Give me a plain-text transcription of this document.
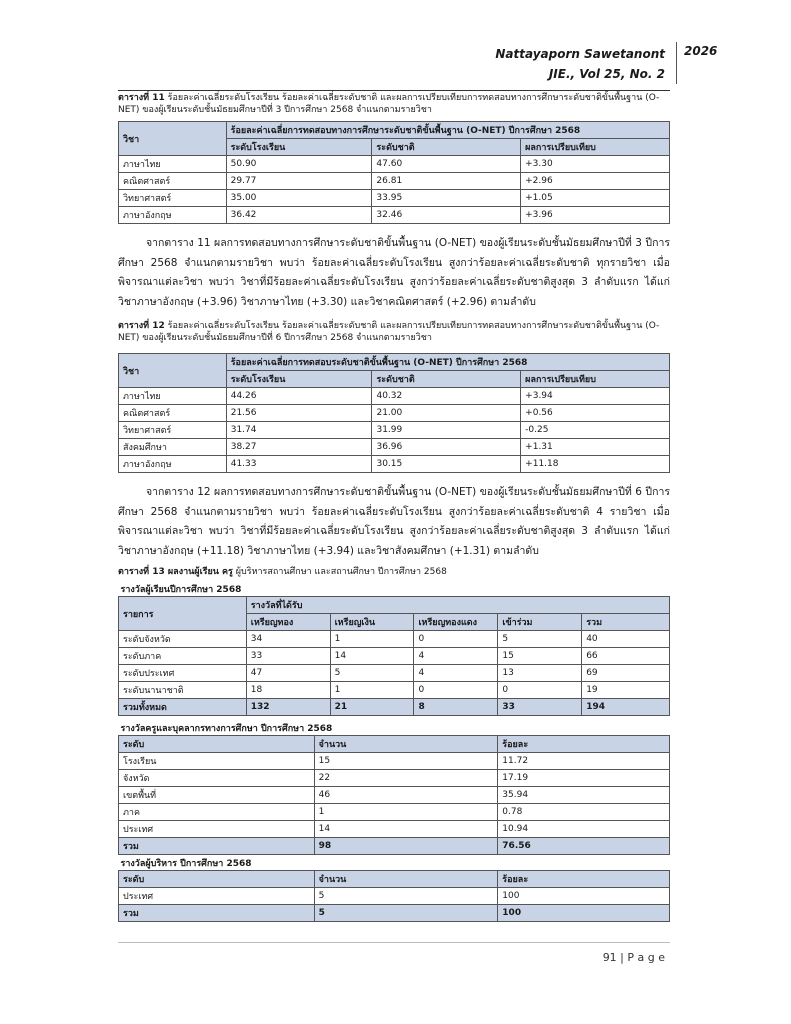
Nattayaporn Sawetanont
JIE., Vol 25, No. 2
2026
ตารางที่ 11 ร้อยละค่าเฉลี่ยระดับโรงเรียน ร้อยละค่าเฉลี่ยระดับชาติ และผลการเปรียบเทียบการทดสอบทางการศึกษาระดับชาติขั้นพื้นฐาน (O-NET) ของผู้เรียนระดับชั้นมัธยมศึกษาปีที่ 3 ปีการศึกษา 2568 จำแนกตามรายวิชา
วิชา	ร้อยละค่าเฉลี่ยการทดสอบทางการศึกษาระดับชาติขั้นพื้นฐาน (O-NET) ปีการศึกษา 2568		
	ระดับโรงเรียน	ระดับชาติ	ผลการเปรียบเทียบ
ภาษาไทย	50.90	47.60	+3.30
คณิตศาสตร์	29.77	26.81	+2.96
วิทยาศาสตร์	35.00	33.95	+1.05
ภาษาอังกฤษ	36.42	32.46	+3.96

จากตาราง 11 ผลการทดสอบทางการศึกษาระดับชาติขั้นพื้นฐาน (O-NET) ของผู้เรียนระดับชั้นมัธยมศึกษาปีที่ 3 ปีการศึกษา 2568 จำแนกตามรายวิชา พบว่า ร้อยละค่าเฉลี่ยระดับโรงเรียน สูงกว่าร้อยละค่าเฉลี่ยระดับชาติ ทุกรายวิชา เมื่อพิจารณาแต่ละวิชา พบว่า วิชาที่มีร้อยละค่าเฉลี่ยระดับโรงเรียน สูงกว่าร้อยละค่าเฉลี่ยระดับชาติสูงสุด 3 ลำดับแรก ได้แก่ วิชาภาษาอังกฤษ (+3.96) วิชาภาษาไทย (+3.30) และวิชาคณิตศาสตร์ (+2.96) ตามลำดับ

ตารางที่ 12 ร้อยละค่าเฉลี่ยระดับโรงเรียน ร้อยละค่าเฉลี่ยระดับชาติ และผลการเปรียบเทียบการทดสอบทางการศึกษาระดับชาติขั้นพื้นฐาน (O-NET) ของผู้เรียนระดับชั้นมัธยมศึกษาปีที่ 6 ปีการศึกษา 2568 จำแนกตามรายวิชา
วิชา	ร้อยละค่าเฉลี่ยการทดสอบระดับชาติขั้นพื้นฐาน (O-NET) ปีการศึกษา 2568		
	ระดับโรงเรียน	ระดับชาติ	ผลการเปรียบเทียบ
ภาษาไทย	44.26	40.32	+3.94
คณิตศาสตร์	21.56	21.00	+0.56
วิทยาศาสตร์	31.74	31.99	-0.25
สังคมศึกษา	38.27	36.96	+1.31
ภาษาอังกฤษ	41.33	30.15	+11.18

จากตาราง 12 ผลการทดสอบทางการศึกษาระดับชาติขั้นพื้นฐาน (O-NET) ของผู้เรียนระดับชั้นมัธยมศึกษาปีที่ 6 ปีการศึกษา 2568 จำแนกตามรายวิชา พบว่า ร้อยละค่าเฉลี่ยระดับโรงเรียน สูงกว่าร้อยละค่าเฉลี่ยระดับชาติ 4 รายวิชา เมื่อพิจารณาแต่ละวิชา พบว่า วิชาที่มีร้อยละค่าเฉลี่ยระดับโรงเรียน สูงกว่าร้อยละค่าเฉลี่ยระดับชาติสูงสุด 3 ลำดับแรก ได้แก่ วิชาภาษาอังกฤษ (+11.18) วิชาภาษาไทย (+3.94) และวิชาสังคมศึกษา (+1.31) ตามลำดับ

ตารางที่ 13 ผลงานผู้เรียน ครู ผู้บริหารสถานศึกษา และสถานศึกษา ปีการศึกษา 2568
รางวัลผู้เรียนปีการศึกษา 2568					
รายการ	รางวัลที่ได้รับ				
	เหรียญทอง	เหรียญเงิน	เหรียญทองแดง	เข้าร่วม	รวม
ระดับจังหวัด	34	1	0	5	40
ระดับภาค	33	14	4	15	66
ระดับประเทศ	47	5	4	13	69
ระดับนานาชาติ	18	1	0	0	19
รวมทั้งหมด	132	21	8	33	194
รางวัลครูและบุคลากรทางการศึกษา ปีการศึกษา 2568		
ระดับ	จำนวน	ร้อยละ
โรงเรียน	15	11.72
จังหวัด	22	17.19
เขตพื้นที่	46	35.94
ภาค	1	0.78
ประเทศ	14	10.94
รวม	98	76.56
รางวัลผู้บริหาร ปีการศึกษา 2568		
ระดับ	จำนวน	ร้อยละ
ประเทศ	5	100
รวม	5	100
91 | P a g e
